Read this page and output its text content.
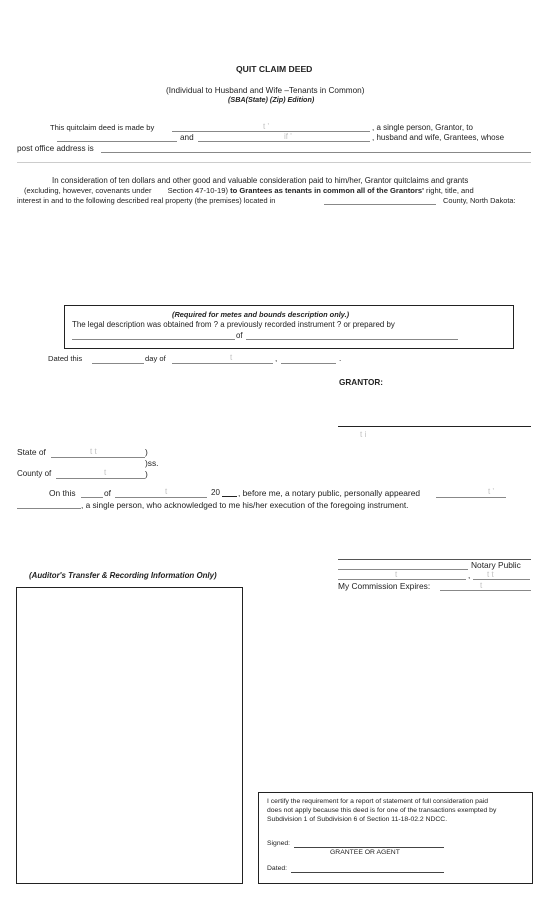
QUIT CLAIM DEED
(Individual to Husband and Wife –Tenants in Common)
(SBA(State) (Zip) Edition)
This quitclaim deed is made by	t '	, a single person, Grantor, to
and	if '	, husband and wife, Grantees, whose
post office address is
In consideration of ten dollars and other good and valuable consideration paid to him/her, Grantor quitclaims and grants
(excluding, however, covenants under Section 47-10-19) to Grantees as tenants in common all of the Grantors' right, title, and
interest in and to the following described real property (the premises) located in	County, North Dakota:
(Required for metes and bounds description only.)
The legal description was obtained from ? a previously recorded instrument ? or prepared by
of
Dated this	day of	t	,	.
GRANTOR:
t i
State of	t t	)
)ss.
County of	t	)
On this	of	t	20 , before me, a notary public, personally appeared	t '
, a single person, who acknowledged to me his/her execution of the foregoing instrument.
Notary Public
t	, t t
My Commission Expires:	t
(Auditor's Transfer & Recording Information Only)
I certify the requirement for a report of statement of full consideration paid
does not apply because this deed is for one of the transactions exempted by
Subdivision 1 of Subdivision 6 of Section 11-18-02.2 NDCC.
Signed:
GRANTEE OR AGENT
Dated:
